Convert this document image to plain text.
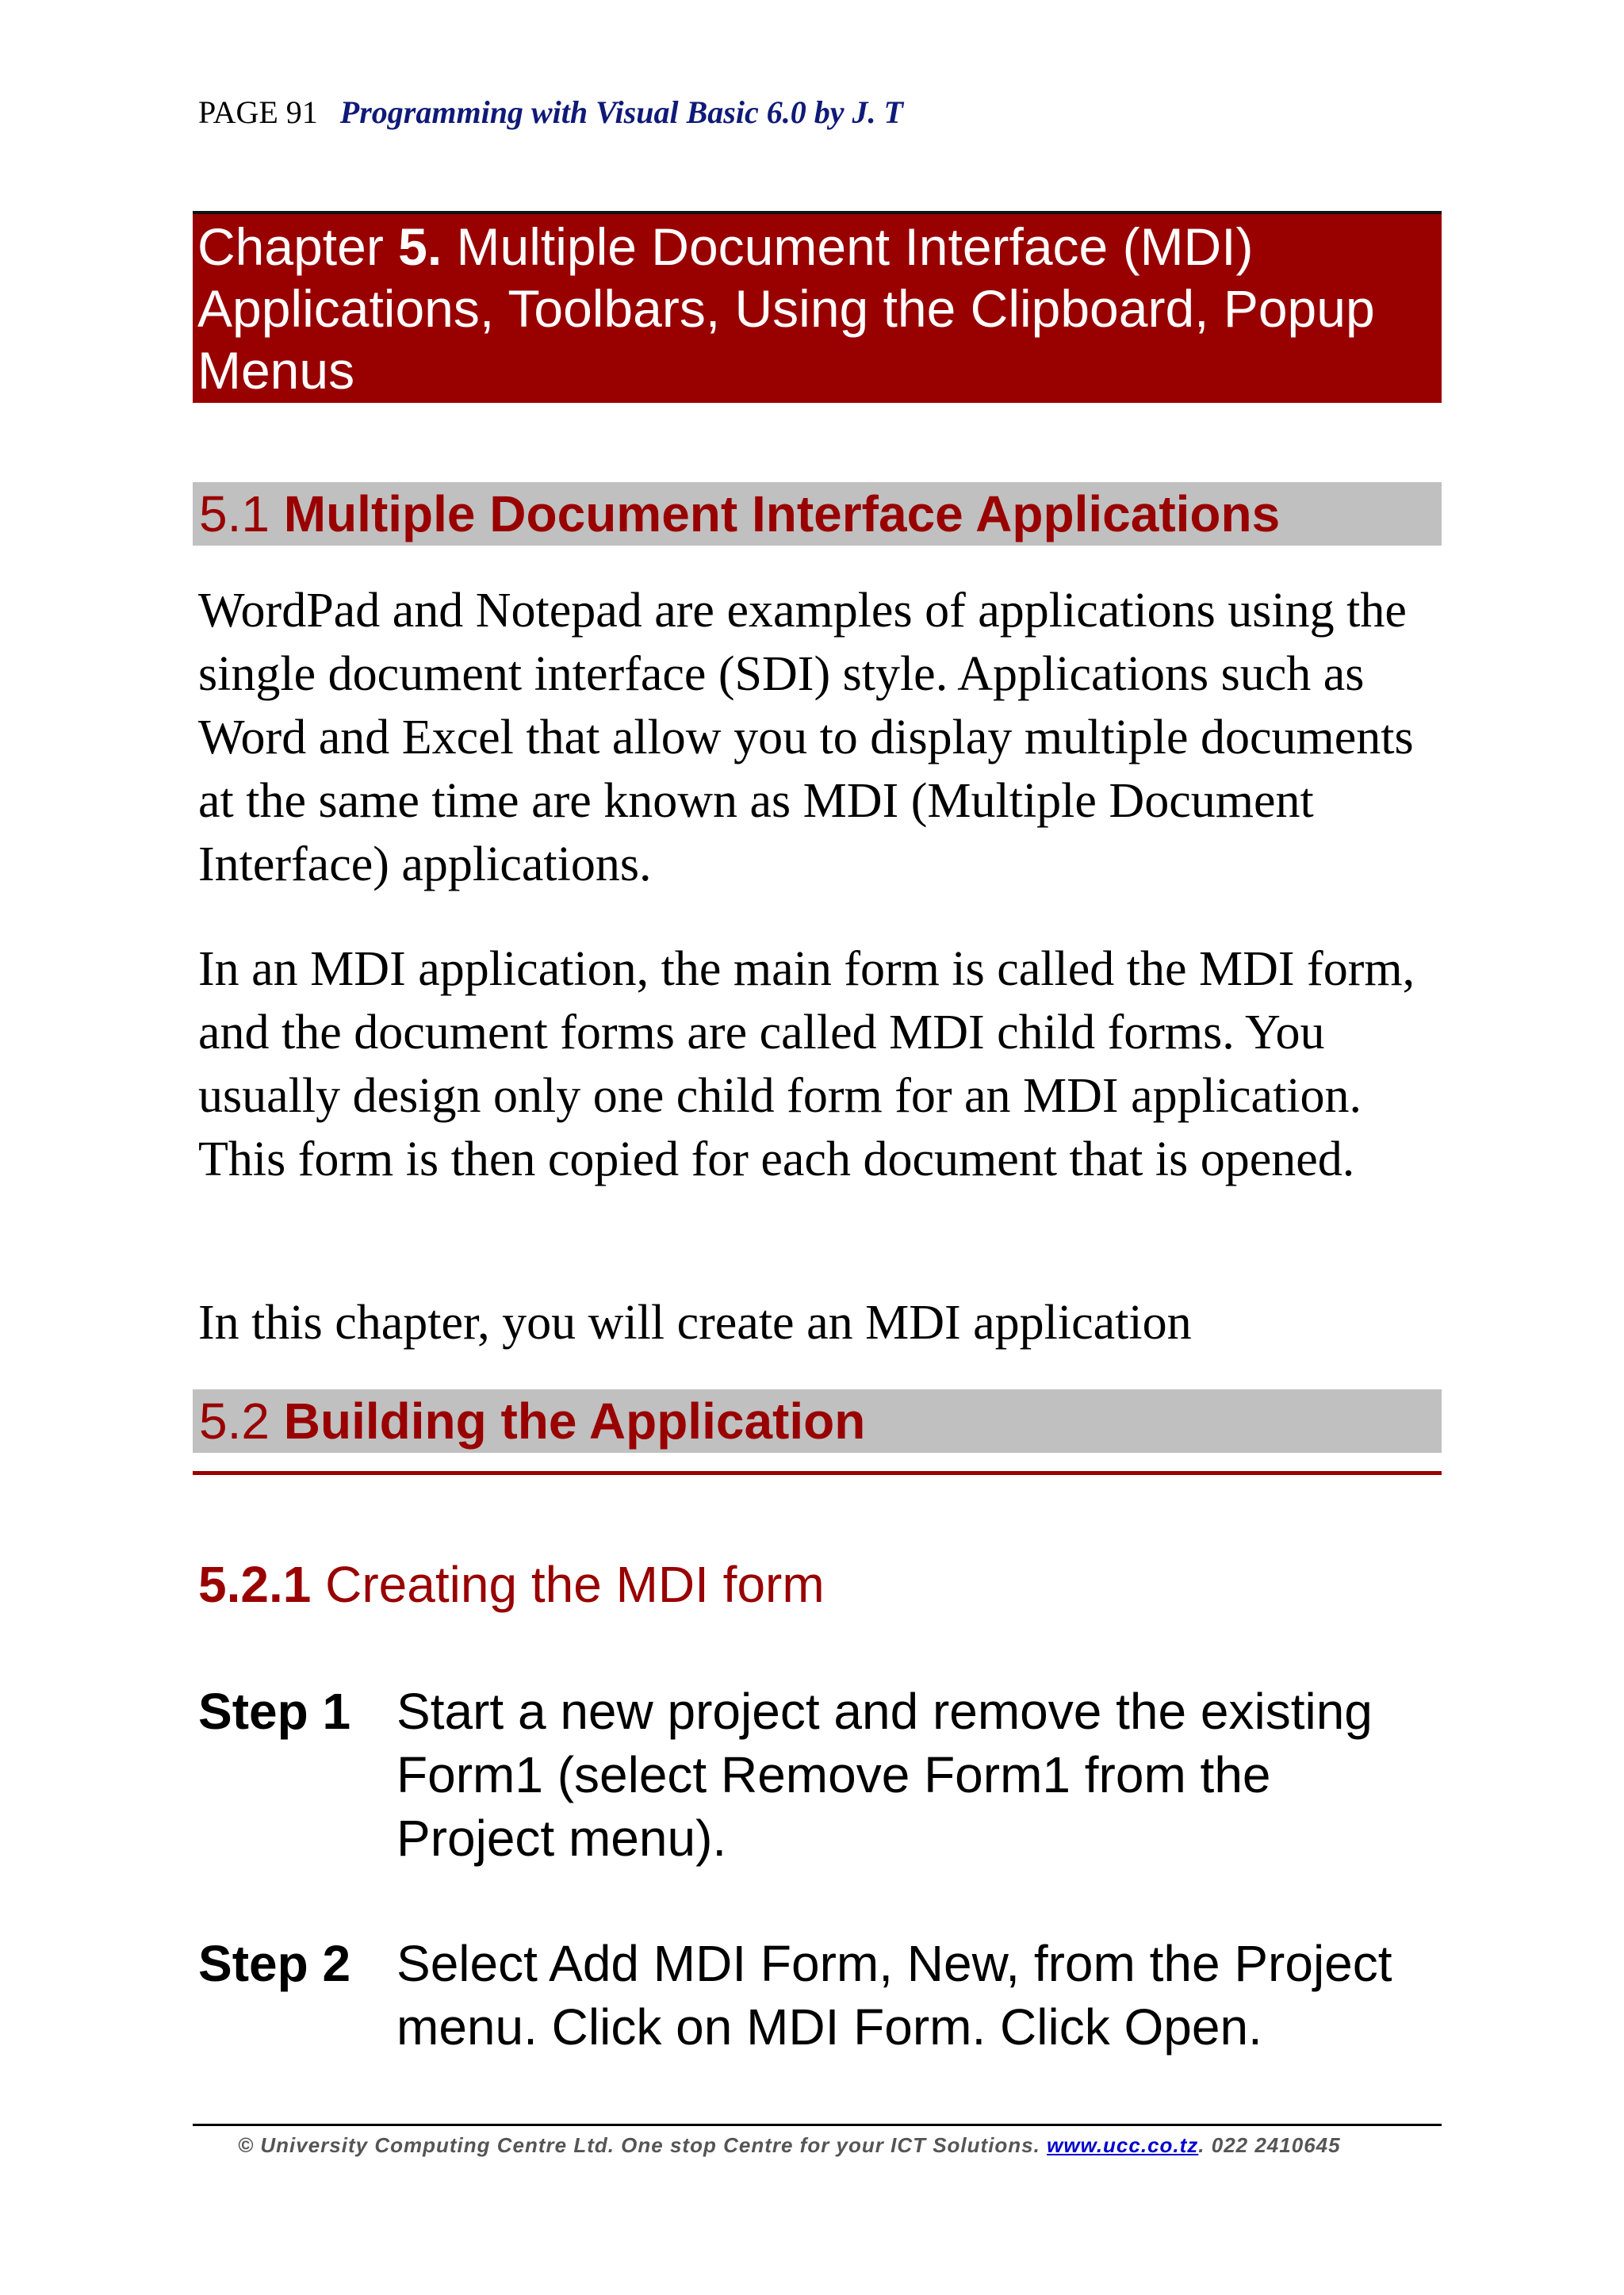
PAGE 91 Programming with Visual Basic 6.0 by J. T
Chapter 5. Multiple Document Interface (MDI) Applications, Toolbars, Using the Clipboard, Popup Menus
5.1 Multiple Document Interface Applications

WordPad and Notepad are examples of applications using the single document interface (SDI) style. Applications such as Word and Excel that allow you to display multiple documents at the same time are known as MDI (Multiple Document Interface) applications.

In an MDI application, the main form is called the MDI form, and the document forms are called MDI child forms. You usually design only one child form for an MDI application. This form is then copied for each document that is opened.

In this chapter, you will create an MDI application

5.2 Building the Application
5.2.1 Creating the MDI form
Step 1 Start a new project and remove the existing Form1 (select Remove Form1 from the Project menu).
Step 2 Select Add MDI Form, New, from the Project menu. Click on MDI Form. Click Open.
© University Computing Centre Ltd. One stop Centre for your ICT Solutions. www.ucc.co.tz. 022 2410645
